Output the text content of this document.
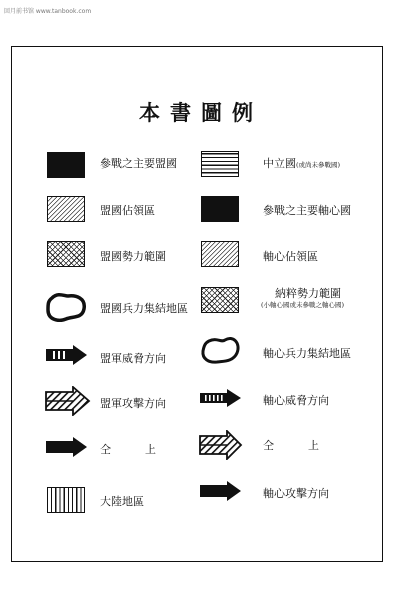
回月前书馆 www.tanbook.com
本書圖例
參戰之主要盟國
盟國佔領區
盟國勢力範圍
盟國兵力集結地區
盟軍威脅方向
盟軍攻擊方向
仝　　上
大陸地區
中立國(或尚未參戰國)
參戰之主要軸心國
軸心佔領區
納粹勢力範圍
(小軸心國或未參戰之軸心國)
軸心兵力集結地區
軸心威脅方向
仝　　上
軸心攻擊方向
